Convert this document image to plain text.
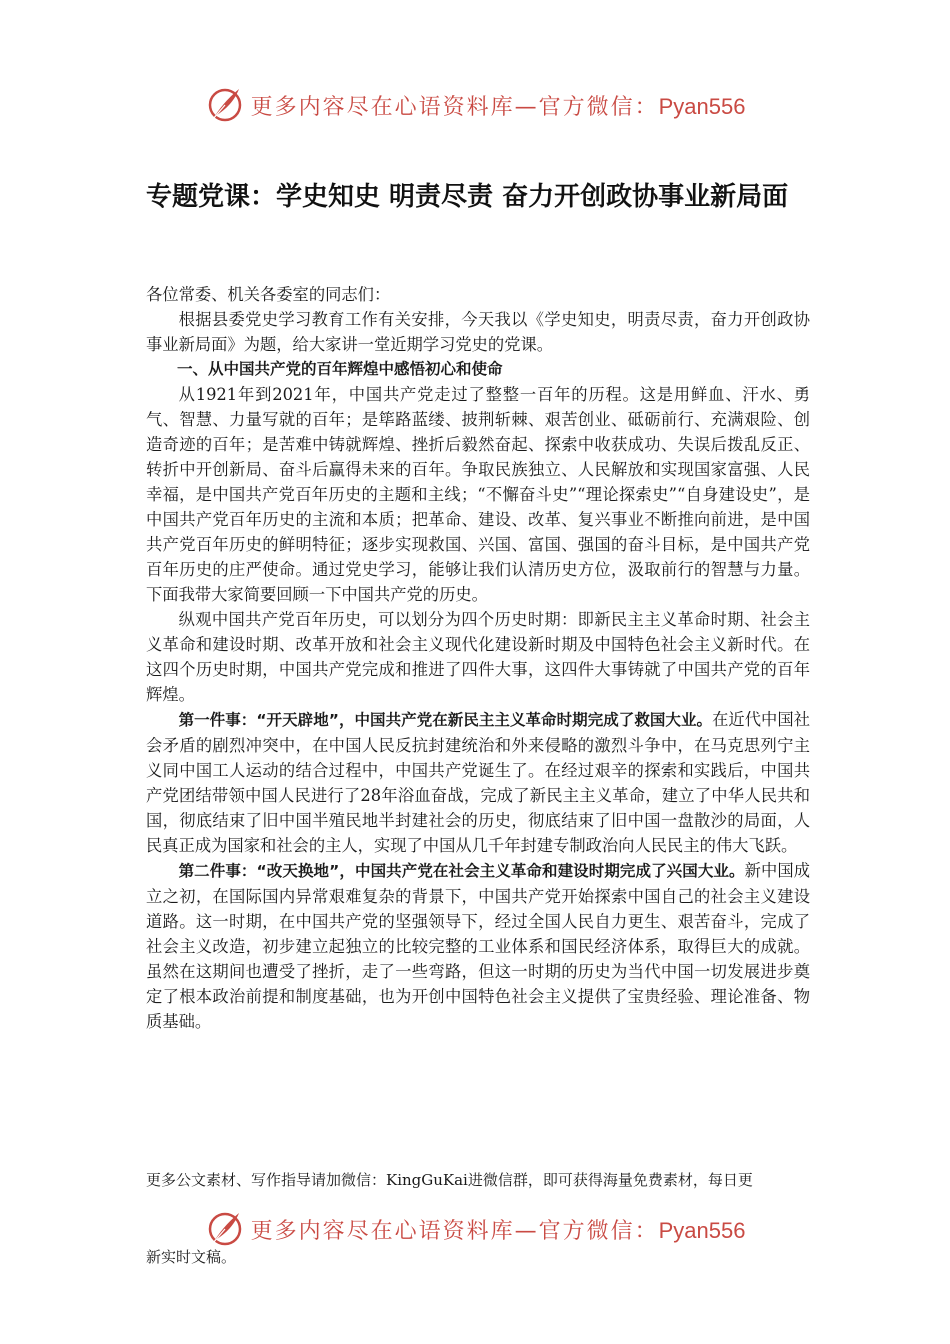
更多内容尽在心语资料库—官方微信：Pyan556
专题党课：学史知史 明责尽责 奋力开创政协事业新局面

各位常委、机关各委室的同志们：

根据县委党史学习教育工作有关安排，今天我以《学史知史，明责尽责，奋力开创政协事业新局面》为题，给大家讲一堂近期学习党史的党课。

一、从中国共产党的百年辉煌中感悟初心和使命

从1921年到2021年，中国共产党走过了整整一百年的历程。这是用鲜血、汗水、勇气、智慧、力量写就的百年；是筚路蓝缕、披荆斩棘、艰苦创业、砥砺前行、充满艰险、创造奇迹的百年；是苦难中铸就辉煌、挫折后毅然奋起、探索中收获成功、失误后拨乱反正、转折中开创新局、奋斗后赢得未来的百年。争取民族独立、人民解放和实现国家富强、人民幸福，是中国共产党百年历史的主题和主线；“不懈奋斗史”“理论探索史”“自身建设史”，是中国共产党百年历史的主流和本质；把革命、建设、改革、复兴事业不断推向前进，是中国共产党百年历史的鲜明特征；逐步实现救国、兴国、富国、强国的奋斗目标，是中国共产党百年历史的庄严使命。通过党史学习，能够让我们认清历史方位，汲取前行的智慧与力量。下面我带大家简要回顾一下中国共产党的历史。

纵观中国共产党百年历史，可以划分为四个历史时期：即新民主主义革命时期、社会主义革命和建设时期、改革开放和社会主义现代化建设新时期及中国特色社会主义新时代。在这四个历史时期，中国共产党完成和推进了四件大事，这四件大事铸就了中国共产党的百年辉煌。

第一件事：“开天辟地”，中国共产党在新民主主义革命时期完成了救国大业。在近代中国社会矛盾的剧烈冲突中，在中国人民反抗封建统治和外来侵略的激烈斗争中，在马克思列宁主义同中国工人运动的结合过程中，中国共产党诞生了。在经过艰辛的探索和实践后，中国共产党团结带领中国人民进行了28年浴血奋战，完成了新民主主义革命，建立了中华人民共和国，彻底结束了旧中国半殖民地半封建社会的历史，彻底结束了旧中国一盘散沙的局面，人民真正成为国家和社会的主人，实现了中国从几千年封建专制政治向人民民主的伟大飞跃。

第二件事：“改天换地”，中国共产党在社会主义革命和建设时期完成了兴国大业。新中国成立之初，在国际国内异常艰难复杂的背景下，中国共产党开始探索中国自己的社会主义建设道路。这一时期，在中国共产党的坚强领导下，经过全国人民自力更生、艰苦奋斗，完成了社会主义改造，初步建立起独立的比较完整的工业体系和国民经济体系，取得巨大的成就。虽然在这期间也遭受了挫折，走了一些弯路，但这一时期的历史为当代中国一切发展进步奠定了根本政治前提和制度基础，也为开创中国特色社会主义提供了宝贵经验、理论准备、物质基础。

更多公文素材、写作指导请加微信：KingGuKai进微信群，即可获得海量免费素材，每日更
更多内容尽在心语资料库—官方微信：Pyan556
新实时文稿。
